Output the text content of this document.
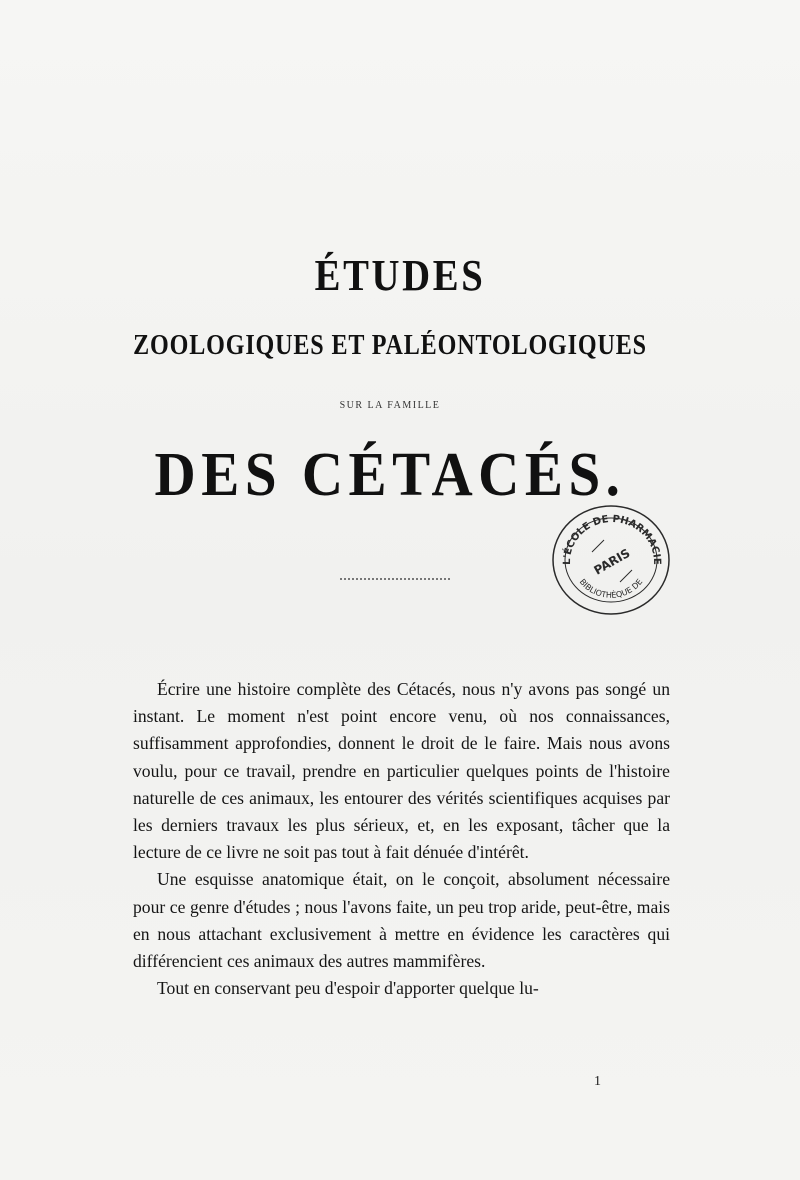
ÉTUDES
ZOOLOGIQUES ET PALÉONTOLOGIQUES
SUR LA FAMILLE
DES CÉTACÉS.
L'ÉCOLE DE PHARMACIE
BIBLIOTHÈQUE DE
PARIS

Écrire une histoire complète des Cétacés, nous n'y avons pas songé un instant. Le moment n'est point encore venu, où nos connaissances, suffisamment approfondies, donnent le droit de le faire. Mais nous avons voulu, pour ce travail, prendre en particulier quelques points de l'histoire naturelle de ces animaux, les entourer des vérités scientifiques acquises par les derniers travaux les plus sérieux, et, en les exposant, tâcher que la lecture de ce livre ne soit pas tout à fait dénuée d'intérêt.

Une esquisse anatomique était, on le conçoit, absolument nécessaire pour ce genre d'études ; nous l'avons faite, un peu trop aride, peut-être, mais en nous attachant exclusivement à mettre en évidence les caractères qui différencient ces animaux des autres mammifères.

Tout en conservant peu d'espoir d'apporter quelque lu-

1
